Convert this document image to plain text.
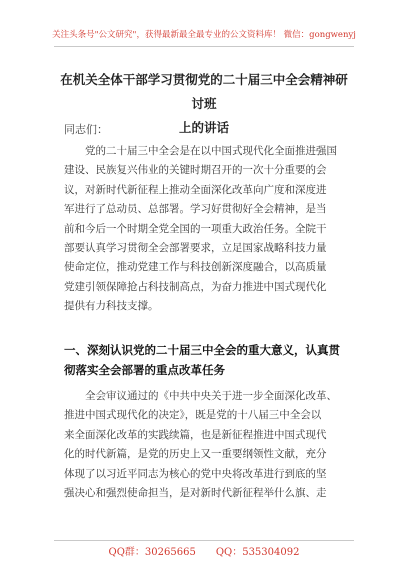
关注头条号"公文研究"，获得最新最全最专业的公文资料库！ 微信：gongwenyj
在机关全体干部学习贯彻党的二十届三中全会精神研讨班
上的讲话
同志们：
党的二十届三中全会是在以中国式现代化全面推进强国
建设、民族复兴伟业的关键时期召开的一次十分重要的会
议，对新时代新征程上推动全面深化改革向广度和深度进
军进行了总动员、总部署。学习好贯彻好全会精神，是当
前和今后一个时期全党全国的一项重大政治任务。全院干
部要认真学习贯彻全会部署要求，立足国家战略科技力量
使命定位，推动党建工作与科技创新深度融合，以高质量
党建引领保障抢占科技制高点，为奋力推进中国式现代化
提供有力科技支撑。
一、深刻认识党的二十届三中全会的重大意义，认真贯
彻落实全会部署的重点改革任务
全会审议通过的《中共中央关于进一步全面深化改革、
推进中国式现代化的决定》，既是党的十八届三中全会以
来全面深化改革的实践续篇，也是新征程推进中国式现代
化的时代新篇，是党的历史上又一重要纲领性文献，充分
体现了以习近平同志为核心的党中央将改革进行到底的坚
强决心和强烈使命担当，是对新时代新征程举什么旗、走
QQ群：30265665 QQ：535304092
